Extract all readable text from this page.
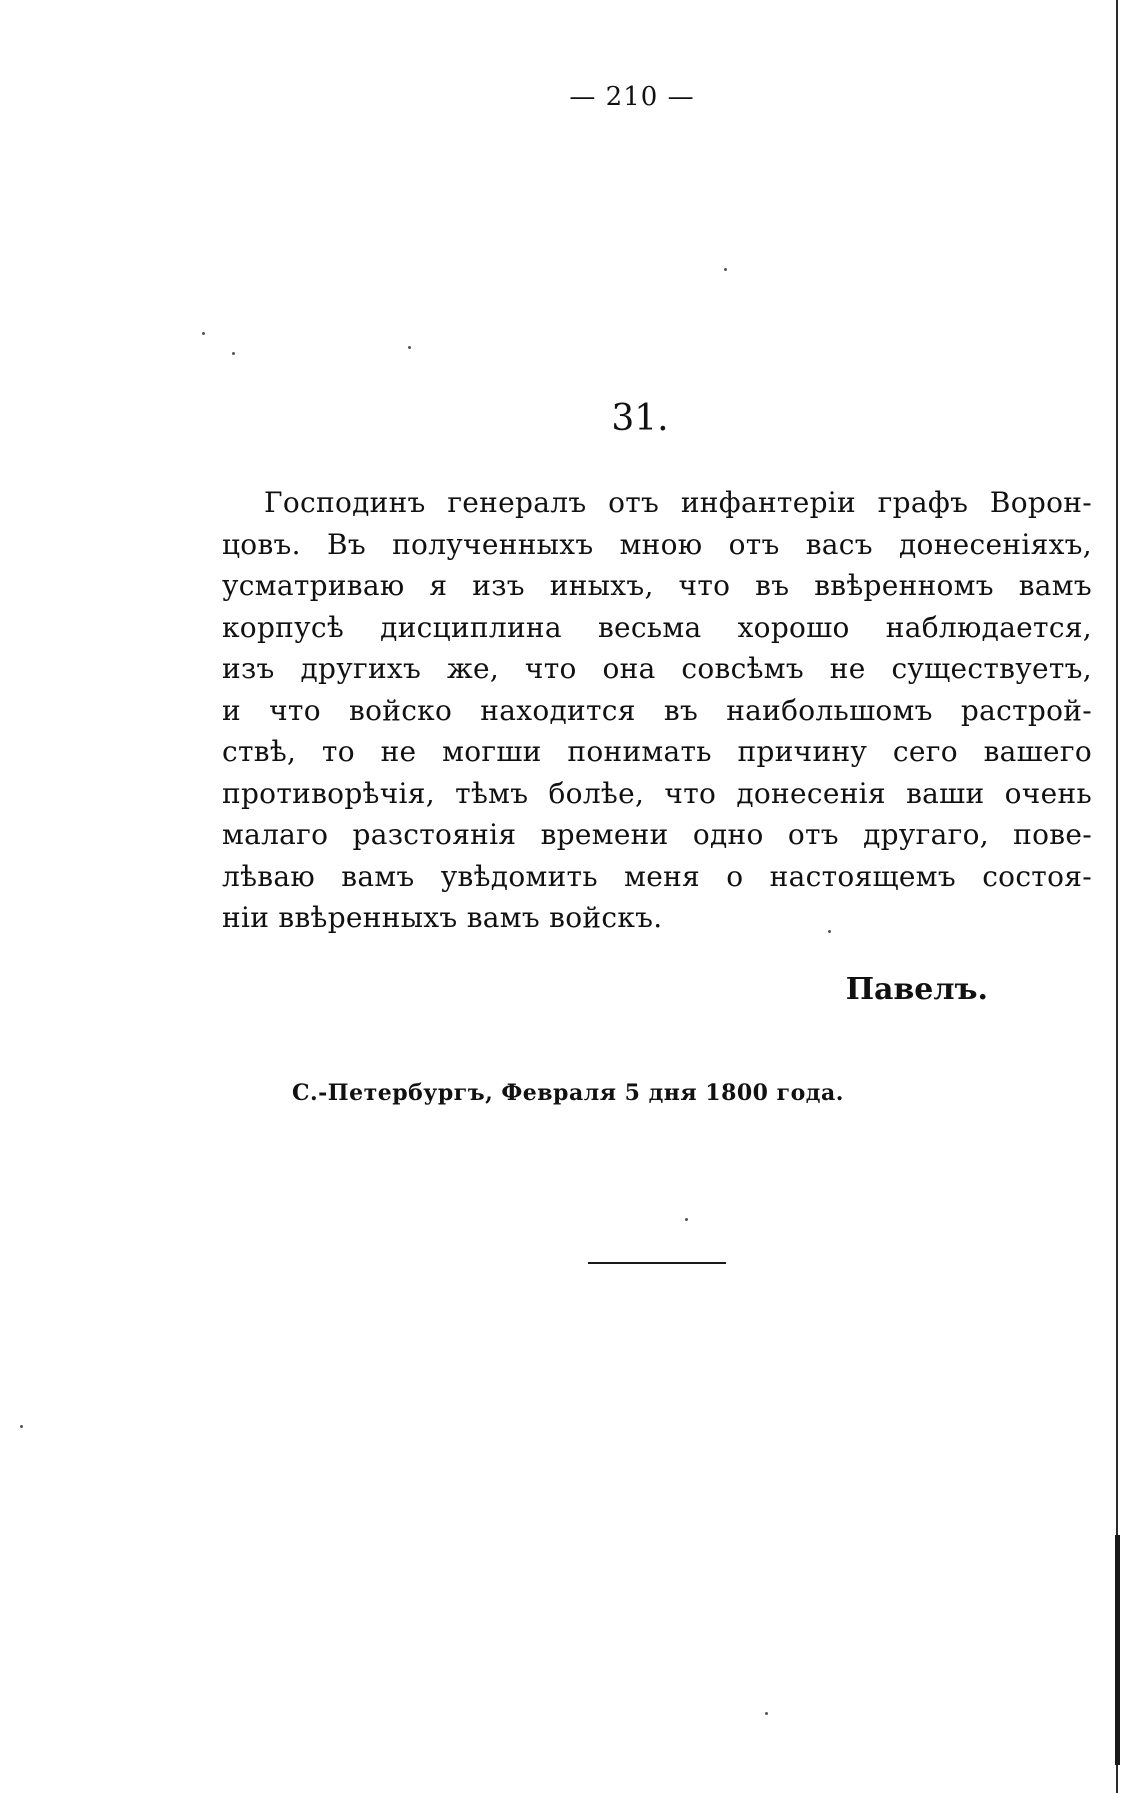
— 210 —
31.
Господинъ генералъ отъ инфантеріи графъ Ворон-
цовъ. Въ полученныхъ мною отъ васъ донесеніяхъ,
усматриваю я изъ иныхъ, что въ ввѣренномъ вамъ
корпусѣ дисциплина весьма хорошо наблюдается,
изъ другихъ же, что она совсѣмъ не существуетъ,
и что войско находится въ наибольшомъ растрой-
ствѣ, то не могши понимать причину сего вашего
противорѣчія, тѣмъ болѣе, что донесенія ваши очень
малаго разстоянія времени одно отъ другаго, пове-
лѣваю вамъ увѣдомить меня о настоящемъ состоя-
ніи ввѣренныхъ вамъ войскъ.
Павелъ.
С.-Петербургъ, Февраля 5 дня 1800 года.
